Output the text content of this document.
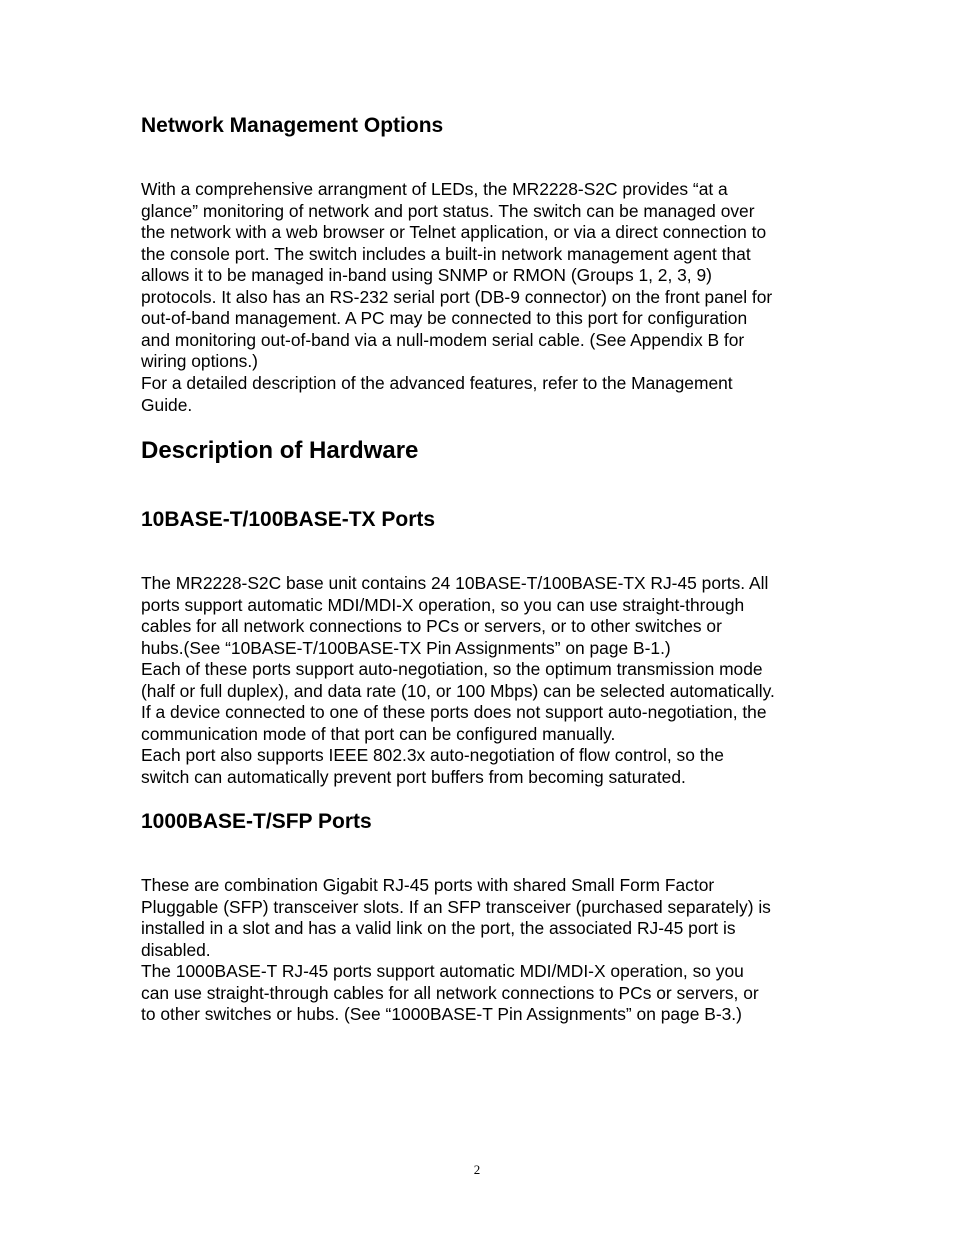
Network Management Options
With a comprehensive arrangment of LEDs, the MR2228-S2C provides “at a
glance” monitoring of network and port status. The switch can be managed over
the network with a web browser or Telnet application, or via a direct connection to
the console port. The switch includes a built-in network management agent that
allows it to be managed in-band using SNMP or RMON (Groups 1, 2, 3, 9)
protocols. It also has an RS-232 serial port (DB-9 connector) on the front panel for
out-of-band management. A PC may be connected to this port for configuration
and monitoring out-of-band via a null-modem serial cable. (See Appendix B for
wiring options.)
For a detailed description of the advanced features, refer to the Management
Guide.
Description of Hardware
10BASE-T/100BASE-TX Ports
The MR2228-S2C base unit contains 24 10BASE-T/100BASE-TX RJ-45 ports. All
ports support automatic MDI/MDI-X operation, so you can use straight-through
cables for all network connections to PCs or servers, or to other switches or
hubs.(See “10BASE-T/100BASE-TX Pin Assignments” on page B-1.)
Each of these ports support auto-negotiation, so the optimum transmission mode
(half or full duplex), and data rate (10, or 100 Mbps) can be selected automatically.
If a device connected to one of these ports does not support auto-negotiation, the
communication mode of that port can be configured manually.
Each port also supports IEEE 802.3x auto-negotiation of flow control, so the
switch can automatically prevent port buffers from becoming saturated.
1000BASE-T/SFP Ports
These are combination Gigabit RJ-45 ports with shared Small Form Factor
Pluggable (SFP) transceiver slots. If an SFP transceiver (purchased separately) is
installed in a slot and has a valid link on the port, the associated RJ-45 port is
disabled.
The 1000BASE-T RJ-45 ports support automatic MDI/MDI-X operation, so you
can use straight-through cables for all network connections to PCs or servers, or
to other switches or hubs. (See “1000BASE-T Pin Assignments” on page B-3.)
2
